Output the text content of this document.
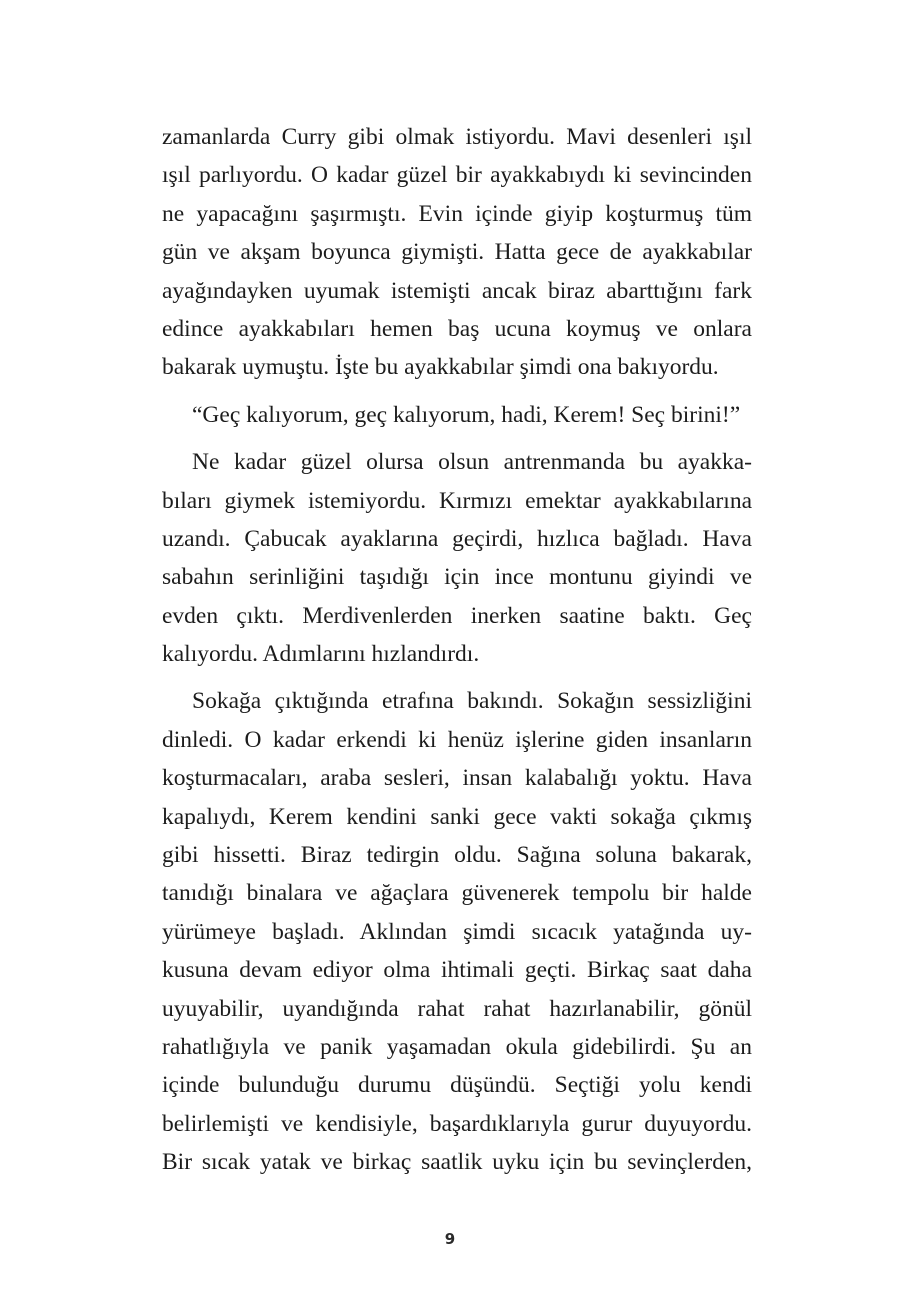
zamanlarda Curry gibi olmak istiyordu. Mavi desenleri ışıl
ışıl parlıyordu. O kadar güzel bir ayakkabıydı ki sevincinden
ne yapacağını şaşırmıştı. Evin içinde giyip koşturmuş tüm
gün ve akşam boyunca giymişti. Hatta gece de ayakkabılar
ayağındayken uyumak istemişti ancak biraz abarttığını fark
edince ayakkabıları hemen baş ucuna koymuş ve onlara
bakarak uymuştu. İşte bu ayakkabılar şimdi ona bakıyordu.
“Geç kalıyorum, geç kalıyorum, hadi, Kerem! Seç birini!”
Ne kadar güzel olursa olsun antrenmanda bu ayakka-
bıları giymek istemiyordu. Kırmızı emektar ayakkabılarına
uzandı. Çabucak ayaklarına geçirdi, hızlıca bağladı. Hava
sabahın serinliğini taşıdığı için ince montunu giyindi ve
evden çıktı. Merdivenlerden inerken saatine baktı. Geç
kalıyordu. Adımlarını hızlandırdı.
Sokağa çıktığında etrafına bakındı. Sokağın sessizliğini
dinledi. O kadar erkendi ki henüz işlerine giden insanların
koşturmacaları, araba sesleri, insan kalabalığı yoktu. Hava
kapalıydı, Kerem kendini sanki gece vakti sokağa çıkmış
gibi hissetti. Biraz tedirgin oldu. Sağına soluna bakarak,
tanıdığı binalara ve ağaçlara güvenerek tempolu bir halde
yürümeye başladı. Aklından şimdi sıcacık yatağında uy-
kusuna devam ediyor olma ihtimali geçti. Birkaç saat daha
uyuyabilir, uyandığında rahat rahat hazırlanabilir, gönül
rahatlığıyla ve panik yaşamadan okula gidebilirdi. Şu an
içinde bulunduğu durumu düşündü. Seçtiği yolu kendi
belirlemişti ve kendisiyle, başardıklarıyla gurur duyuyordu.
Bir sıcak yatak ve birkaç saatlik uyku için bu sevinçlerden,
9
